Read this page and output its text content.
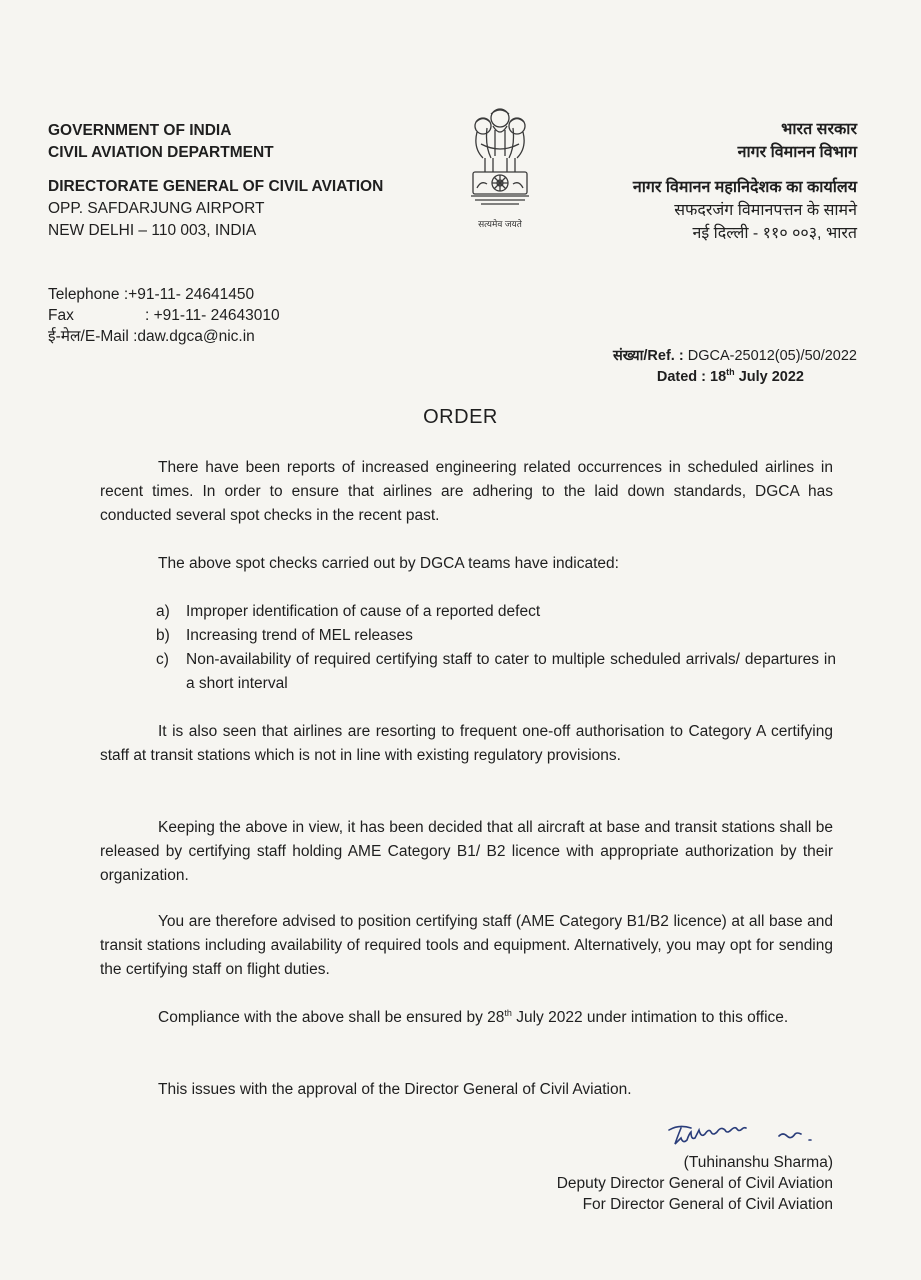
GOVERNMENT OF INDIA
CIVIL AVIATION DEPARTMENT
DIRECTORATE GENERAL OF CIVIL AVIATION
OPP. SAFDARJUNG AIRPORT
NEW DELHI – 110 003, INDIA	सत्यमेव जयते
भारत सरकार
नागर विमानन विभाग
नागर विमानन महानिदेशक का कार्यालय
सफदरजंग विमानपत्तन के सामने
नई दिल्ली - ११० ००३, भारत
Telephone : +91-11- 24641450
Fax	: +91-11- 24643010
ई-मेल/E-Mail : daw.dgca@nic.in
संख्या/Ref. : DGCA-25012(05)/50/2022
Dated : 18th July 2022
ORDER

There have been reports of increased engineering related occurrences in scheduled airlines in recent times. In order to ensure that airlines are adhering to the laid down standards, DGCA has conducted several spot checks in the recent past.

The above spot checks carried out by DGCA teams have indicated:

a)	Improper identification of cause of a reported defect
b)	Increasing trend of MEL releases
c)	Non-availability of required certifying staff to cater to multiple scheduled arrivals/ departures in a short interval

It is also seen that airlines are resorting to frequent one-off authorisation to Category A certifying staff at transit stations which is not in line with existing regulatory provisions.

Keeping the above in view, it has been decided that all aircraft at base and transit stations shall be released by certifying staff holding AME Category B1/ B2 licence with appropriate authorization by their organization.

You are therefore advised to position certifying staff (AME Category B1/B2 licence) at all base and transit stations including availability of required tools and equipment. Alternatively, you may opt for sending the certifying staff on flight duties.

Compliance with the above shall be ensured by 28th July 2022 under intimation to this office.

This issues with the approval of the Director General of Civil Aviation.

(Tuhinanshu Sharma)
Deputy Director General of Civil Aviation
For Director General of Civil Aviation
